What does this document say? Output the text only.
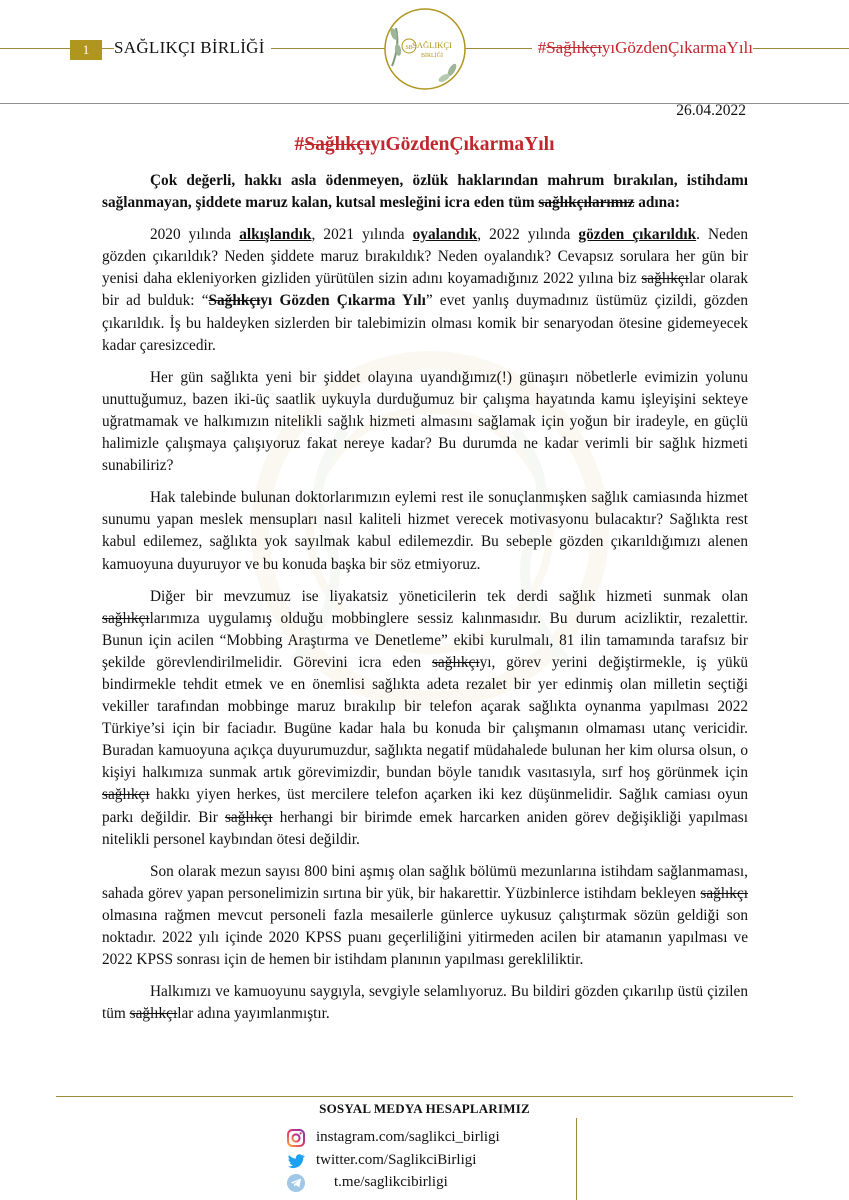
1	SAĞLIKÇI BİRLİĞİ	#SağlıkçıyıGözdenÇıkarmaYılı
SB SAĞLIKÇI
BİRLİĞİ
26.04.2022
#SağlıkçıyıGözdenÇıkarmaYılı

Çok değerli, hakkı asla ödenmeyen, özlük haklarından mahrum bırakılan, istihdamı sağlanmayan, şiddete maruz kalan, kutsal mesleğini icra eden tüm sağlıkçılarımız adına:

2020 yılında alkışlandık, 2021 yılında oyalandık, 2022 yılında gözden çıkarıldık. Neden gözden çıkarıldık? Neden şiddete maruz bırakıldık? Neden oyalandık? Cevapsız sorulara her gün bir yenisi daha ekleniyorken gizliden yürütülen sizin adını koyamadığınız 2022 yılına biz sağlıkçılar olarak bir ad bulduk: “Sağlıkçıyı Gözden Çıkarma Yılı” evet yanlış duymadınız üstümüz çizildi, gözden çıkarıldık. İş bu haldeyken sizlerden bir talebimizin olması komik bir senaryodan ötesine gidemeyecek kadar çaresizcedir.

Her gün sağlıkta yeni bir şiddet olayına uyandığımız(!) günaşırı nöbetlerle evimizin yolunu unuttuğumuz, bazen iki-üç saatlik uykuyla durduğumuz bir çalışma hayatında kamu işleyişini sekteye uğratmamak ve halkımızın nitelikli sağlık hizmeti almasını sağlamak için yoğun bir iradeyle, en güçlü halimizle çalışmaya çalışıyoruz fakat nereye kadar? Bu durumda ne kadar verimli bir sağlık hizmeti sunabiliriz?

Hak talebinde bulunan doktorlarımızın eylemi rest ile sonuçlanmışken sağlık camiasında hizmet sunumu yapan meslek mensupları nasıl kaliteli hizmet verecek motivasyonu bulacaktır? Sağlıkta rest kabul edilemez, sağlıkta yok sayılmak kabul edilemezdir. Bu sebeple gözden çıkarıldığımızı alenen kamuoyuna duyuruyor ve bu konuda başka bir söz etmiyoruz.

Diğer bir mevzumuz ise liyakatsiz yöneticilerin tek derdi sağlık hizmeti sunmak olan sağlıkçılarımıza uygulamış olduğu mobbinglere sessiz kalınmasıdır. Bu durum acizliktir, rezalettir. Bunun için acilen “Mobbing Araştırma ve Denetleme” ekibi kurulmalı, 81 ilin tamamında tarafsız bir şekilde görevlendirilmelidir. Görevini icra eden sağlıkçıyı, görev yerini değiştirmekle, iş yükü bindirmekle tehdit etmek ve en önemlisi sağlıkta adeta rezalet bir yer edinmiş olan milletin seçtiği vekiller tarafından mobbinge maruz bırakılıp bir telefon açarak sağlıkta oynanma yapılması 2022 Türkiye’si için bir faciadır. Bugüne kadar hala bu konuda bir çalışmanın olmaması utanç vericidir. Buradan kamuoyuna açıkça duyurumuzdur, sağlıkta negatif müdahalede bulunan her kim olursa olsun, o kişiyi halkımıza sunmak artık görevimizdir, bundan böyle tanıdık vasıtasıyla, sırf hoş görünmek için sağlıkçı hakkı yiyen herkes, üst mercilere telefon açarken iki kez düşünmelidir. Sağlık camiası oyun parkı değildir. Bir sağlıkçı herhangi bir birimde emek harcarken aniden görev değişikliği yapılması nitelikli personel kaybından ötesi değildir.

Son olarak mezun sayısı 800 bini aşmış olan sağlık bölümü mezunlarına istihdam sağlanmaması, sahada görev yapan personelimizin sırtına bir yük, bir hakarettir. Yüzbinlerce istihdam bekleyen sağlıkçı olmasına rağmen mevcut personeli fazla mesailerle günlerce uykusuz çalıştırmak sözün geldiği son noktadır. 2022 yılı içinde 2020 KPSS puanı geçerliliğini yitirmeden acilen bir atamanın yapılması ve 2022 KPSS sonrası için de hemen bir istihdam planının yapılması gerekliliktir.

Halkımızı ve kamuoyunu saygıyla, sevgiyle selamlıyoruz. Bu bildiri gözden çıkarılıp üstü çizilen tüm sağlıkçılar adına yayımlanmıştır.

SOSYAL MEDYA HESAPLARIMIZ
instagram.com/saglikci_birligi
twitter.com/SaglikciBirligi
t.me/saglikcibirligi
